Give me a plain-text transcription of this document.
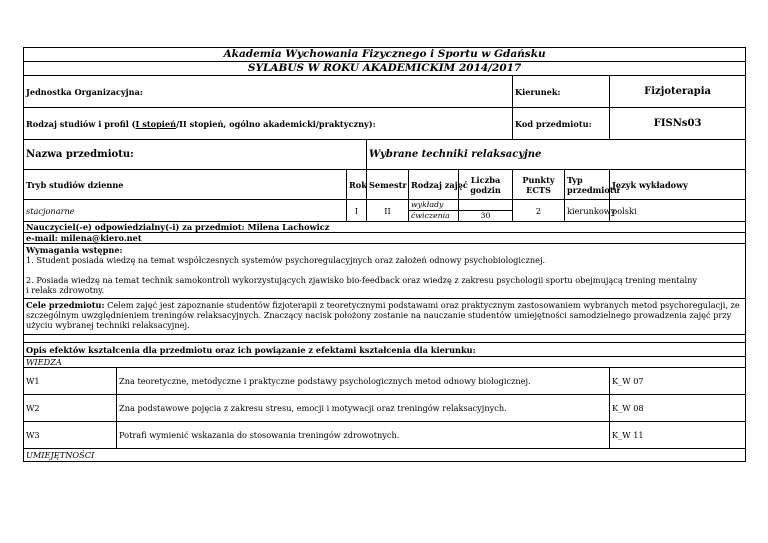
Akademia Wychowania Fizycznego i Sportu w Gdańsku								
SYLABUS W ROKU AKADEMICKIM 2014/2017								
Jednostka Organizacyjna:						Kierunek:		Fizjoterapia
Rodzaj studiów i profil (I stopień/II stopień, ogólno akademicki/praktyczny):						Kod przedmiotu:		FISNs03
Nazwa przedmiotu:			Wybrane techniki relaksacyjne					
Tryb studiów dzienne		Rok	Semestr	Rodzaj zajęć	Liczba godzin	Punkty ECTS	Typ przedmiotu	Język wykładowy
stacjonarne		I	II	wykłady		2	kierunkowy	polski
				ćwiczenia	30			
Nauczyciel(-e) odpowiedzialny(-i) za przedmiot: Milena Lachowicz								
e-mail: milena@kiero.net								

Wymagania wstępne:
1. Student posiada wiedzę na temat współczesnych systemów psychoregulacyjnych oraz założeń odnowy psychobiologicznej.
2. Posiada wiedzę na temat technik samokontroli wykorzystujących zjawisko bio-feedback oraz wiedzę z zakresu psychologii sportu obejmującą trening mentalny
i relaks zdrowotny.								

Cele przedmiotu: Celem zajęć jest zapoznanie studentów fizjoterapii z teoretycznymi podstawami oraz praktycznym zastosowaniem wybranych metod psychoregulacji, ze szczególnym uwzględnieniem treningów relaksacyjnych. Znaczący nacisk położony zostanie na nauczanie studentów umiejętności samodzielnego prowadzenia zajęć przy użyciu wybranej techniki relaksacyjnej.								

Opis efektów kształcenia dla przedmiotu oraz ich powiązanie z efektami kształcenia dla kierunku:								
WIEDZA								
W1	Zna teoretyczne, metodyczne i praktyczne podstawy psychologicznych metod odnowy biologicznej.							K_W 07
W2	Zna podstawowe pojęcia z zakresu stresu, emocji i motywacji oraz treningów relaksacyjnych.							K_W 08
W3	Potrafi wymienić wskazania do stosowania treningów zdrowotnych.							K_W 11
UMIEJĘTNOŚCI								
